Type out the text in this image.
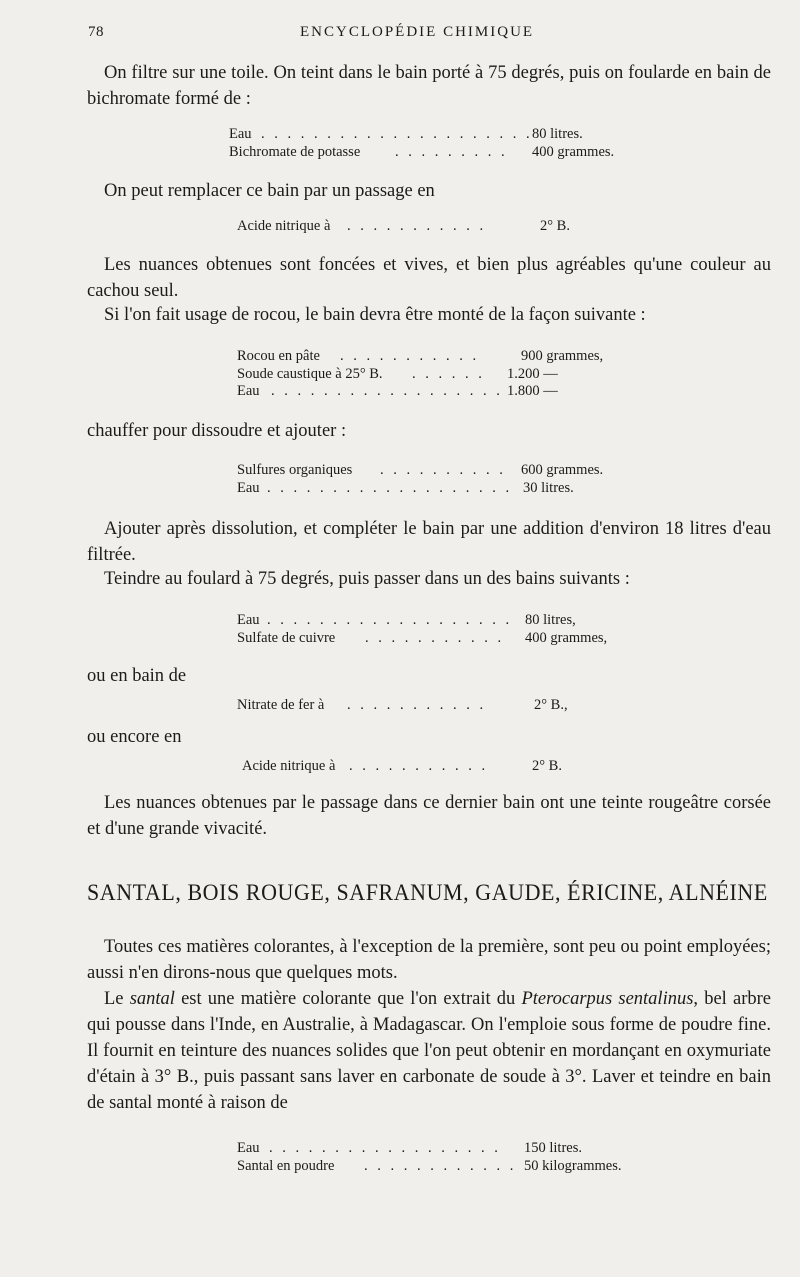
78	ENCYCLOPÉDIE CHIMIQUE

On filtre sur une toile. On teint dans le bain porté à 75 degrés, puis on foularde en bain de bichromate formé de :

Eau . . . . . . . . . . . . . . . . . . . . . 80 litres.
Bichromate de potasse . . . . . . . . . 400 grammes.

On peut remplacer ce bain par un passage en

Acide nitrique à . . . . . . . . . . .	2° B.

Les nuances obtenues sont foncées et vives, et bien plus agréables qu'une couleur au cachou seul.

Si l'on fait usage de rocou, le bain devra être monté de la façon suivante :

Rocou en pâte . . . . . . . . . . .	900 grammes,
Soude caustique à 25° B. . . . . . . 1.200 —
Eau . . . . . . . . . . . . . . . . . . 1.800 —

chauffer pour dissoudre et ajouter :

Sulfures organiques . . . . . . . . . . 600 grammes.
Eau . . . . . . . . . . . . . . . . . . . 30 litres.

Ajouter après dissolution, et compléter le bain par une addition d'environ 18 litres d'eau filtrée.

Teindre au foulard à 75 degrés, puis passer dans un des bains suivants :

Eau . . . . . . . . . . . . . . . . . . . 80 litres,
Sulfate de cuivre . . . . . . . . . . . 400 grammes,

ou en bain de

Nitrate de fer à . . . . . . . . . . .	2° B.,

ou encore en

Acide nitrique à . . . . . . . . . . .	2° B.

Les nuances obtenues par le passage dans ce dernier bain ont une teinte rougeâtre corsée et d'une grande vivacité.

SANTAL, BOIS ROUGE, SAFRANUM, GAUDE, ÉRICINE, ALNÉINE

Toutes ces matières colorantes, à l'exception de la première, sont peu ou point employées; aussi n'en dirons-nous que quelques mots.

Le santal est une matière colorante que l'on extrait du Pterocarpus sentalinus, bel arbre qui pousse dans l'Inde, en Australie, à Madagascar. On l'emploie sous forme de poudre fine. Il fournit en teinture des nuances solides que l'on peut obtenir en mordançant en oxymuriate d'étain à 3° B., puis passant sans laver en carbonate de soude à 3°. Laver et teindre en bain de santal monté à raison de

Eau . . . . . . . . . . . . . . . . . . 150 litres.
Santal en poudre . . . . . . . . . . . . 50 kilogrammes.
